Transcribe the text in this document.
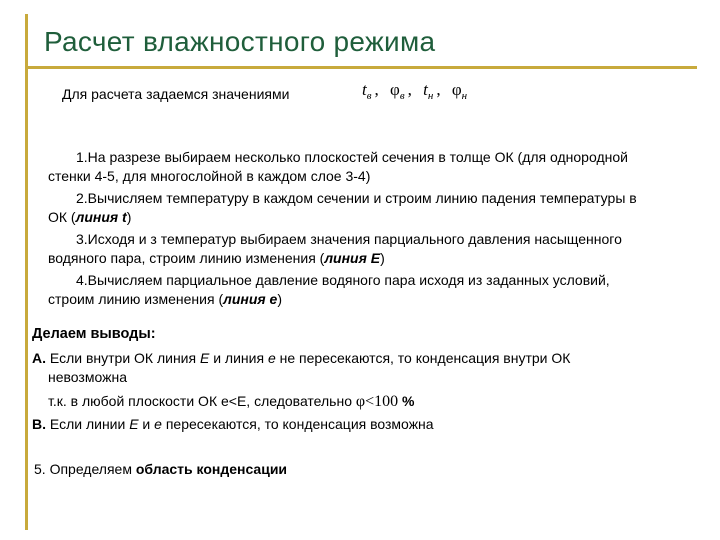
Расчет влажностного режима
Для расчета задаемся значениями	$t_в$ , $\varphi_в$ , $t_н$ , $\varphi_н$
1.На разрезе выбираем несколько плоскостей сечения в толще ОК (для однородной стенки 4-5, для многослойной в каждом слое 3-4)
2.Вычисляем температуру в каждом сечении и строим линию падения температуры в ОК (линия t)
3.Исходя и з температур выбираем значения парциального давления насыщенного водяного пара, строим линию изменения (линия E)
4.Вычисляем парциальное давление водяного пара исходя из заданных условий, строим линию изменения (линия e)
Делаем выводы:
А. Если внутри ОК линия E и линия e не пересекаются, то конденсация внутри ОК
невозможна
т.к. в любой плоскости ОК e<E, следовательно φ<100 %
В. Если линии E и e пересекаются, то конденсация возможна
5. Определяем область конденсации
